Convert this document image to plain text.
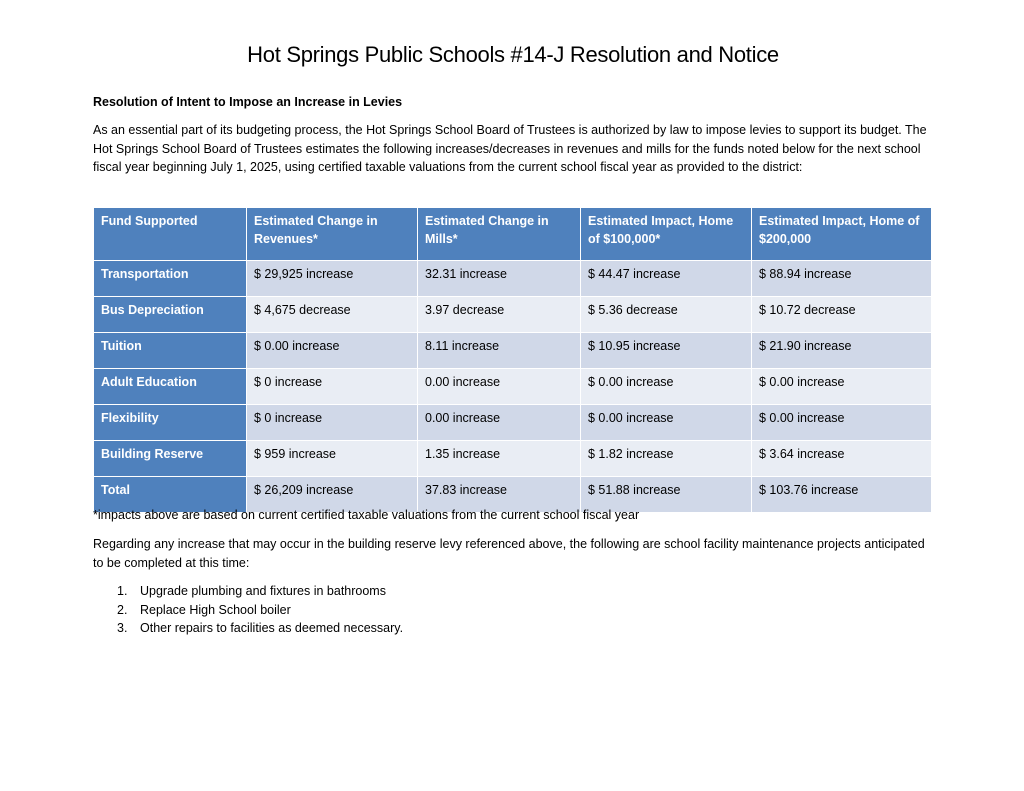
Hot Springs Public Schools #14-J Resolution and Notice
Resolution of Intent to Impose an Increase in Levies

As an essential part of its budgeting process, the Hot Springs School Board of Trustees is authorized by law to impose levies to support its budget. The Hot Springs School Board of Trustees estimates the following increases/decreases in revenues and mills for the funds noted below for the next school fiscal year beginning July 1, 2025, using certified taxable valuations from the current school fiscal year as provided to the district:

Fund Supported	Estimated Change in Revenues*	Estimated Change in Mills*	Estimated Impact, Home of $100,000*	Estimated Impact, Home of $200,000
Transportation	$ 29,925 increase	32.31 increase	$ 44.47 increase	$ 88.94 increase
Bus Depreciation	$ 4,675 decrease	3.97 decrease	$ 5.36 decrease	$ 10.72 decrease
Tuition	$ 0.00 increase	8.11 increase	$ 10.95 increase	$ 21.90 increase
Adult Education	$ 0 increase	0.00 increase	$ 0.00 increase	$ 0.00 increase
Flexibility	$ 0 increase	0.00 increase	$ 0.00 increase	$ 0.00 increase
Building Reserve	$ 959 increase	1.35 increase	$ 1.82 increase	$ 3.64 increase
Total	$ 26,209 increase	37.83 increase	$ 51.88 increase	$ 103.76 increase
*impacts above are based on current certified taxable valuations from the current school fiscal year

Regarding any increase that may occur in the building reserve levy referenced above, the following are school facility maintenance projects anticipated to be completed at this time:

1. Upgrade plumbing and fixtures in bathrooms
2. Replace High School boiler
3. Other repairs to facilities as deemed necessary.
